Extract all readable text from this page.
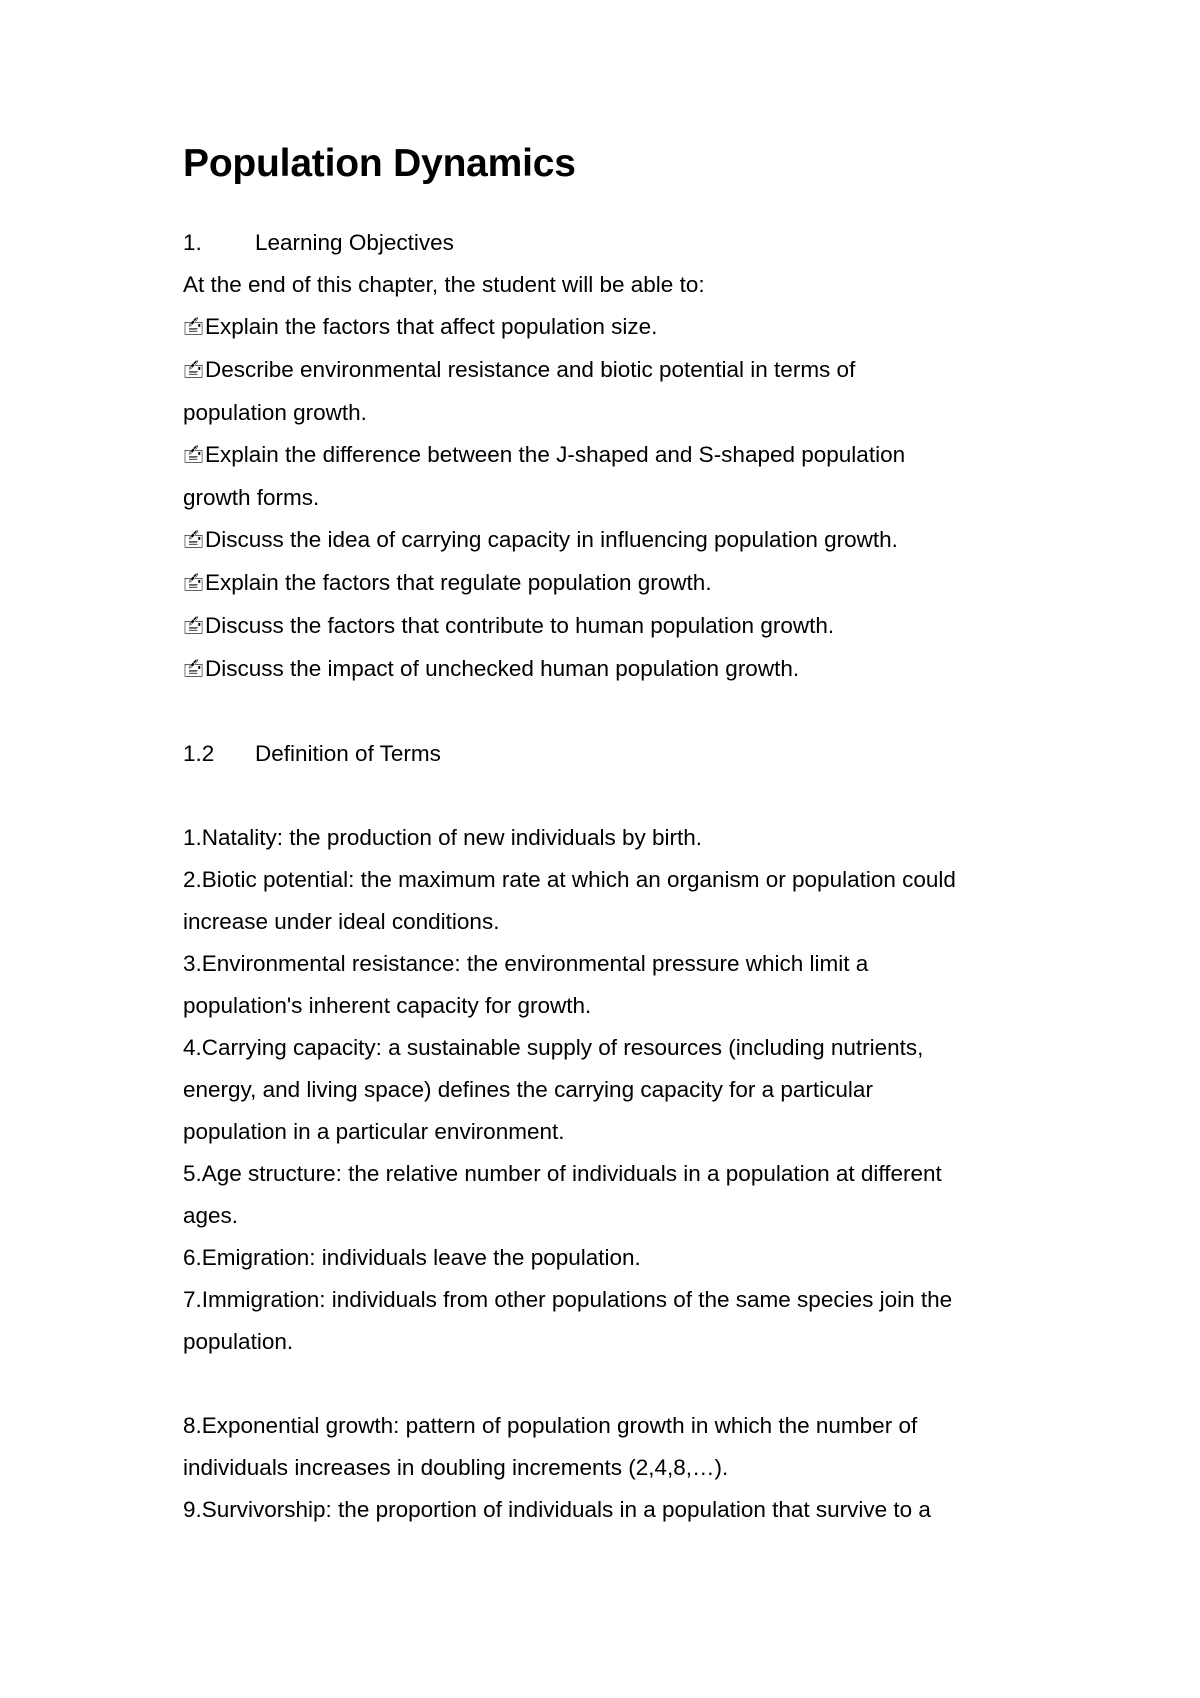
Population Dynamics
1.	Learning Objectives
At the end of this chapter, the student will be able to:
🖆Explain the factors that affect population size.
🖆Describe environmental resistance and biotic potential in terms of
population growth.
🖆Explain the difference between the J-shaped and S-shaped population
growth forms.
🖆Discuss the idea of carrying capacity in influencing population growth.
🖆Explain the factors that regulate population growth.
🖆Discuss the factors that contribute to human population growth.
🖆Discuss the impact of unchecked human population growth.
1.2	Definition of Terms
1.Natality: the production of new individuals by birth.
2.Biotic potential: the maximum rate at which an organism or population could
increase under ideal conditions.
3.Environmental resistance: the environmental pressure which limit a
population's inherent capacity for growth.
4.Carrying capacity: a sustainable supply of resources (including nutrients,
energy, and living space) defines the carrying capacity for a particular
population in a particular environment.
5.Age structure: the relative number of individuals in a population at different
ages.
6.Emigration: individuals leave the population.
7.Immigration: individuals from other populations of the same species join the
population.
8.Exponential growth: pattern of population growth in which the number of
individuals increases in doubling increments (2,4,8,…).
9.Survivorship: the proportion of individuals in a population that survive to a
